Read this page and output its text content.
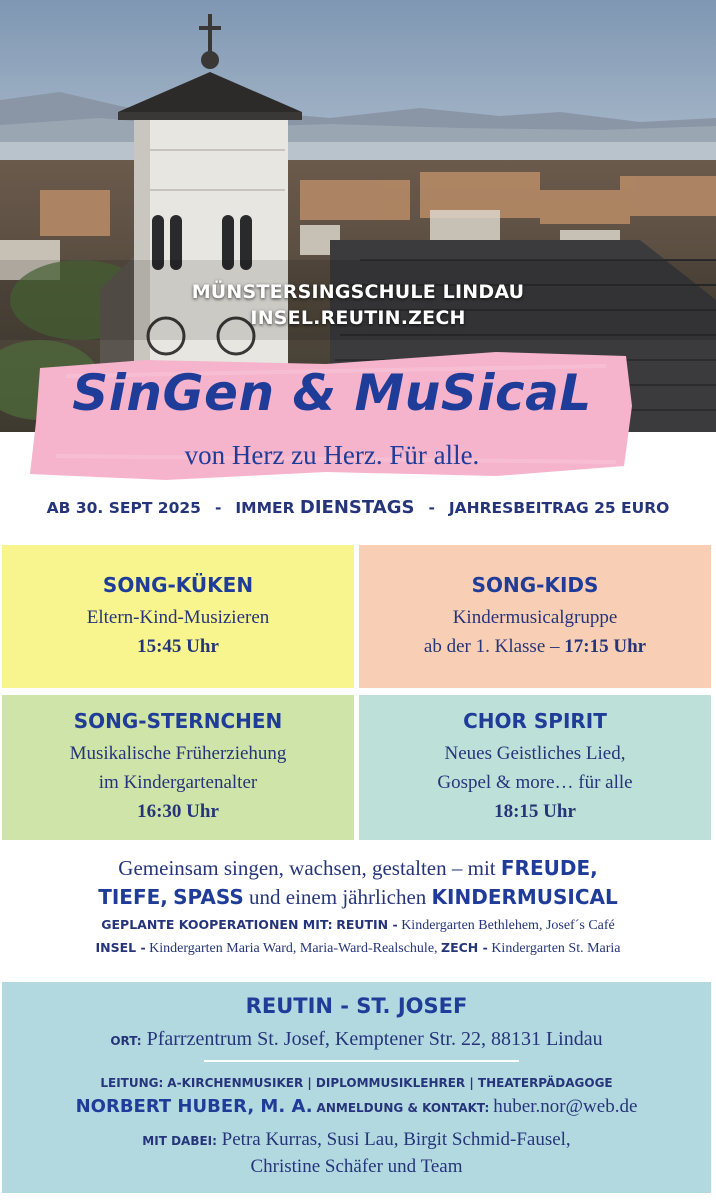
MÜNSTERSINGSCHULE LINDAU
INSEL.REUTIN.ZECH
SinGen & MuSicaL
von Herz zu Herz. Für alle.
AB 30. SEPT 2025 - IMMER DIENSTAGS - JAHRESBEITRAG 25 EURO
SONG-KÜKEN
Eltern-Kind-Musizieren
15:45 Uhr
SONG-KIDS
Kindermusicalgruppe
ab der 1. Klasse – 17:15 Uhr
SONG-STERNCHEN
Musikalische Früherziehung
im Kindergartenalter
16:30 Uhr
CHOR SPIRIT
Neues Geistliches Lied,
Gospel & more… für alle
18:15 Uhr
Gemeinsam singen, wachsen, gestalten – mit FREUDE,
TIEFE, SPASS und einem jährlichen KINDERMUSICAL
GEPLANTE KOOPERATIONEN MIT: REUTIN - Kindergarten Bethlehem, Josef´s Café
INSEL - Kindergarten Maria Ward, Maria-Ward-Realschule, ZECH - Kindergarten St. Maria
REUTIN - ST. JOSEF
ORT: Pfarrzentrum St. Josef, Kemptener Str. 22, 88131 Lindau
LEITUNG: A-KIRCHENMUSIKER | DIPLOMMUSIKLEHRER | THEATERPÄDAGOGE
NORBERT HUBER, M. A. ANMELDUNG & KONTAKT: huber.nor@web.de
MIT DABEI: Petra Kurras, Susi Lau, Birgit Schmid-Fausel,
Christine Schäfer und Team
